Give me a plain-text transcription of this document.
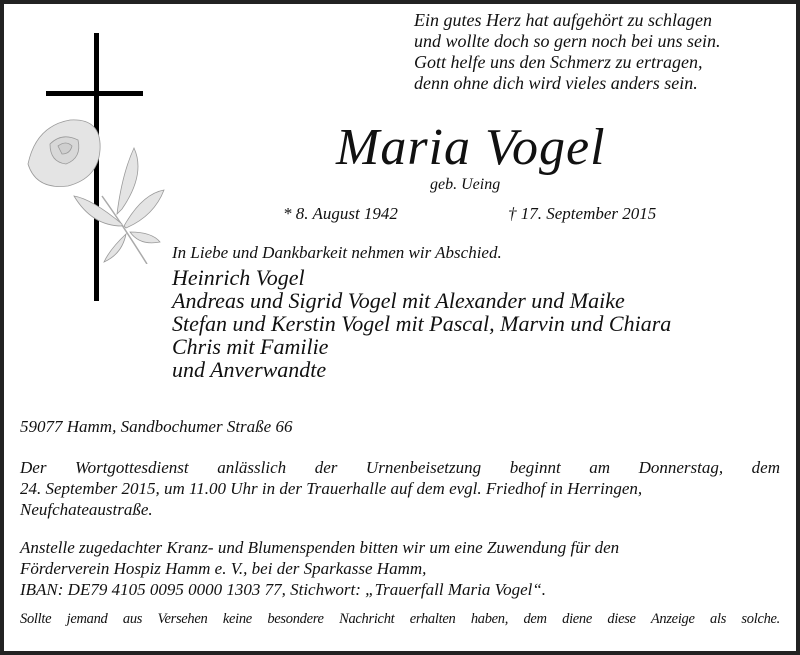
Ein gutes Herz hat aufgehört zu schlagen
und wollte doch so gern noch bei uns sein.
Gott helfe uns den Schmerz zu ertragen,
denn ohne dich wird vieles anders sein.
Maria Vogel
geb. Ueing
* 8. August 1942	† 17. September 2015
In Liebe und Dankbarkeit nehmen wir Abschied.
Heinrich Vogel
Andreas und Sigrid Vogel mit Alexander und Maike
Stefan und Kerstin Vogel mit Pascal, Marvin und Chiara
Chris mit Familie
und Anverwandte
59077 Hamm, Sandbochumer Straße 66
Der Wortgottesdienst anlässlich der Urnenbeisetzung beginnt am Donnerstag, dem
24. September 2015, um 11.00 Uhr in der Trauerhalle auf dem evgl. Friedhof in Herringen,
Neufchateaustraße.
Anstelle zugedachter Kranz- und Blumenspenden bitten wir um eine Zuwendung für den
Förderverein Hospiz Hamm e. V., bei der Sparkasse Hamm,
IBAN: DE79 4105 0095 0000 1303 77, Stichwort: „Trauerfall Maria Vogel“.
Sollte jemand aus Versehen keine besondere Nachricht erhalten haben, dem diene diese Anzeige als solche.
